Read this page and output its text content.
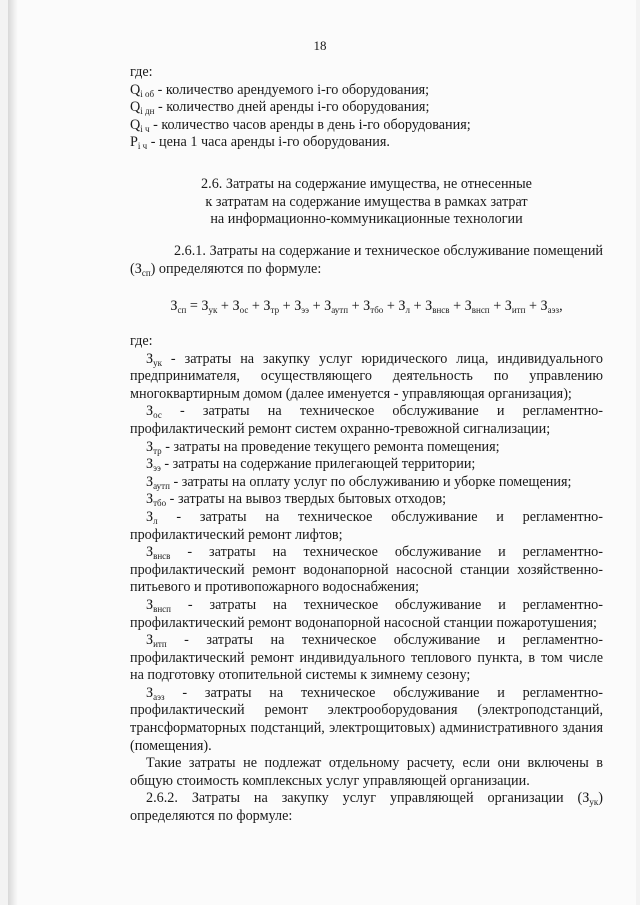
18

где:

$Q_{i об}$ - количество арендуемого i-го оборудования;

$Q_{i дн}$ - количество дней аренды i-го оборудования;

$Q_{i ч}$ - количество часов аренды в день i-го оборудования;

$P_{i ч}$ - цена 1 часа аренды i-го оборудования.

2.6. Затраты на содержание имущества, не отнесенные

к затратам на содержание имущества в рамках затрат

на информационно-коммуникационные технологии

2.6.1. Затраты на содержание и техническое обслуживание помещений $(З_{сп})$ определяются по формуле:

$З_{сп} = З_{ук} + З_{ос} + З_{тр} + З_{ээ} + З_{аутп} + З_{тбо} + З_л + З_{внсв} + З_{внсп} + З_{итп} + З_{аэз}$,

где:

$З_{ук}$ - затраты на закупку услуг юридического лица, индивидуального предпринимателя, осуществляющего деятельность по управлению многоквартирным домом (далее именуется - управляющая организация);

$З_{ос}$ - затраты на техническое обслуживание и регламентно-профилактический ремонт систем охранно-тревожной сигнализации;

$З_{тр}$ - затраты на проведение текущего ремонта помещения;

$З_{ээ}$ - затраты на содержание прилегающей территории;

$З_{аутп}$ - затраты на оплату услуг по обслуживанию и уборке помещения;

$З_{тбо}$ - затраты на вывоз твердых бытовых отходов;

$З_л$ - затраты на техническое обслуживание и регламентно-профилактический ремонт лифтов;

$З_{внсв}$ - затраты на техническое обслуживание и регламентно-профилактический ремонт водонапорной насосной станции хозяйственно-питьевого и противопожарного водоснабжения;

$З_{внсп}$ - затраты на техническое обслуживание и регламентно-профилактический ремонт водонапорной насосной станции пожаротушения;

$З_{итп}$ - затраты на техническое обслуживание и регламентно-профилактический ремонт индивидуального теплового пункта, в том числе на подготовку отопительной системы к зимнему сезону;

$З_{аэз}$ - затраты на техническое обслуживание и регламентно-профилактический ремонт электрооборудования (электроподстанций, трансформаторных подстанций, электрощитовых) административного здания (помещения).

Такие затраты не подлежат отдельному расчету, если они включены в общую стоимость комплексных услуг управляющей организации.

2.6.2. Затраты на закупку услуг управляющей организации $(З_{ук})$ определяются по формуле:
